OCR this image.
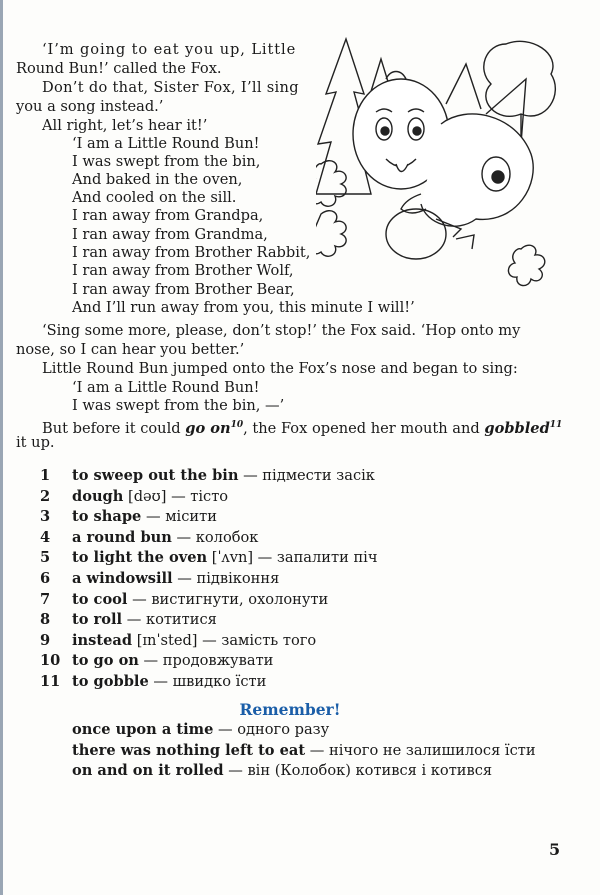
‘I’m going to eat you up, Little
Round Bun!’ called the Fox.
Don’t do that, Sister Fox, I’ll sing
you a song instead.’
All right, let’s hear it!’
‘I am a Little Round Bun!
I was swept from the bin,
And baked in the oven,
And cooled on the sill.
I ran away from Grandpa,
I ran away from Grandma,
I ran away from Brother Rabbit,
I ran away from Brother Wolf,
I ran away from Brother Bear,
And I’ll run away from you, this minute I will!’
‘Sing some more, please, don’t stop!’ the Fox said. ‘Hop onto my
nose, so I can hear you better.’
Little Round Bun jumped onto the Fox’s nose and began to sing:
‘I am a Little Round Bun!
I was swept from the bin, —’
But before it could go $on^{10}$, the Fox opened her mouth and gobbled$^{11}$
it up.
1 to sweep out the bin — підмести засік
2 dough [dəʊ] — тісто
3 to shape — місити
4 a round bun — колобок
5 to light the oven [ˈʌvn] — запалити піч
6 a windowsill — підвіконня
7 to cool — вистигнути, охолонути
8 to roll — котитися
9 instead [ɪnˈsted] — замість того
10 to go on — продовжувати
11 to gobble — швидко їсти
Remember!
once upon a time — одного разу
there was nothing left to eat — нічого не залишилося їсти
on and on it rolled — він (Колобок) котився і котився
5
